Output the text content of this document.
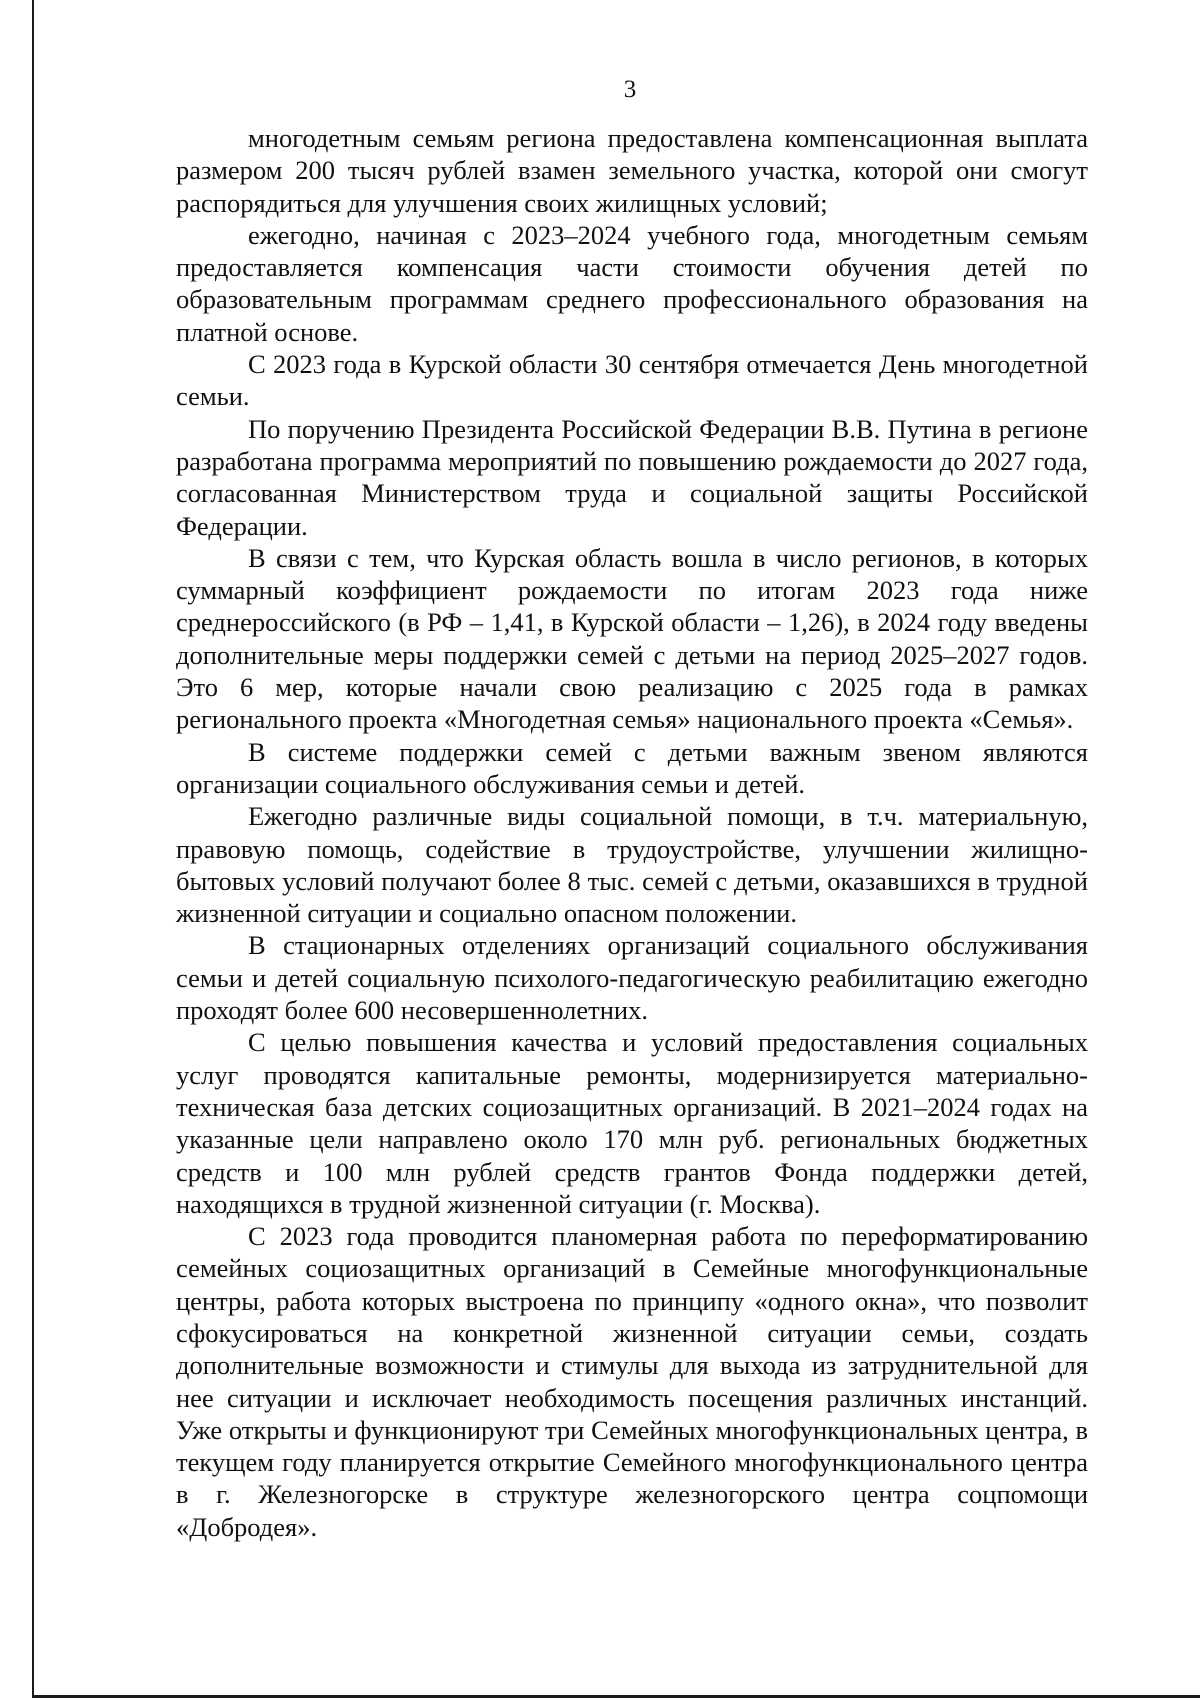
3

многодетным семьям региона предоставлена компенсационная выплата размером 200 тысяч рублей взамен земельного участка, которой они смогут распорядиться для улучшения своих жилищных условий;

ежегодно, начиная с 2023–2024 учебного года, многодетным семьям предоставляется компенсация части стоимости обучения детей по образовательным программам среднего профессионального образования на платной основе.

С 2023 года в Курской области 30 сентября отмечается День многодетной семьи.

По поручению Президента Российской Федерации В.В. Путина в регионе разработана программа мероприятий по повышению рождаемости до 2027 года, согласованная Министерством труда и социальной защиты Российской Федерации.

В связи с тем, что Курская область вошла в число регионов, в которых суммарный коэффициент рождаемости по итогам 2023 года ниже среднероссийского (в РФ – 1,41, в Курской области – 1,26), в 2024 году введены дополнительные меры поддержки семей с детьми на период 2025–2027 годов. Это 6 мер, которые начали свою реализацию с 2025 года в рамках регионального проекта «Многодетная семья» национального проекта «Семья».

В системе поддержки семей с детьми важным звеном являются организации социального обслуживания семьи и детей.

Ежегодно различные виды социальной помощи, в т.ч. материальную, правовую помощь, содействие в трудоустройстве, улучшении жилищно-бытовых условий получают более 8 тыс. семей с детьми, оказавшихся в трудной жизненной ситуации и социально опасном положении.

В стационарных отделениях организаций социального обслуживания семьи и детей социальную психолого-педагогическую реабилитацию ежегодно проходят более 600 несовершеннолетних.

С целью повышения качества и условий предоставления социальных услуг проводятся капитальные ремонты, модернизируется материально-техническая база детских социозащитных организаций. В 2021–2024 годах на указанные цели направлено около 170 млн руб. региональных бюджетных средств и 100 млн рублей средств грантов Фонда поддержки детей, находящихся в трудной жизненной ситуации (г. Москва).

С 2023 года проводится планомерная работа по переформатированию семейных социозащитных организаций в Семейные многофункциональные центры, работа которых выстроена по принципу «одного окна», что позволит сфокусироваться на конкретной жизненной ситуации семьи, создать дополнительные возможности и стимулы для выхода из затруднительной для нее ситуации и исключает необходимость посещения различных инстанций. Уже открыты и функционируют три Семейных многофункциональных центра, в текущем году планируется открытие Семейного многофункционального центра в г. Железногорске в структуре железногорского центра соцпомощи «Добродея».
